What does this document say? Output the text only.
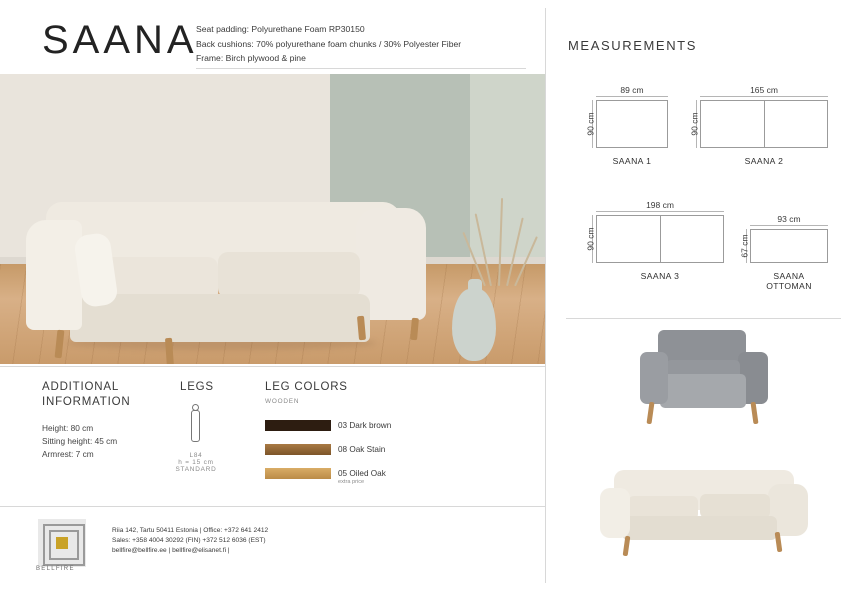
SAANA
Seat padding: Polyurethane Foam RP30150
Back cushions: 70% polyurethane foam chunks / 30% Polyester Fiber
Frame: Birch plywood & pine
MEASUREMENTS
89 cm
90 cm
SAANA 1
165 cm
90 cm
SAANA 2
198 cm
90 cm
SAANA 3
93 cm
67 cm
SAANA OTTOMAN
ADDITIONAL
INFORMATION
Height: 80 cm
Sitting height: 45 cm
Armrest: 7 cm
LEGS
L84
h = 15 cm
STANDARD
LEG COLORS
WOODEN
03 Dark brown
08 Oak Stain
05 Oiled Oak
extra price
BELLFIRE
Riia 142, Tartu 50411 Estonia | Office: +372 641 2412
Sales: +358 4004 30292 (FIN) +372 512 6036 (EST)
bellfire@bellfire.ee | bellfire@elisanet.fi |
